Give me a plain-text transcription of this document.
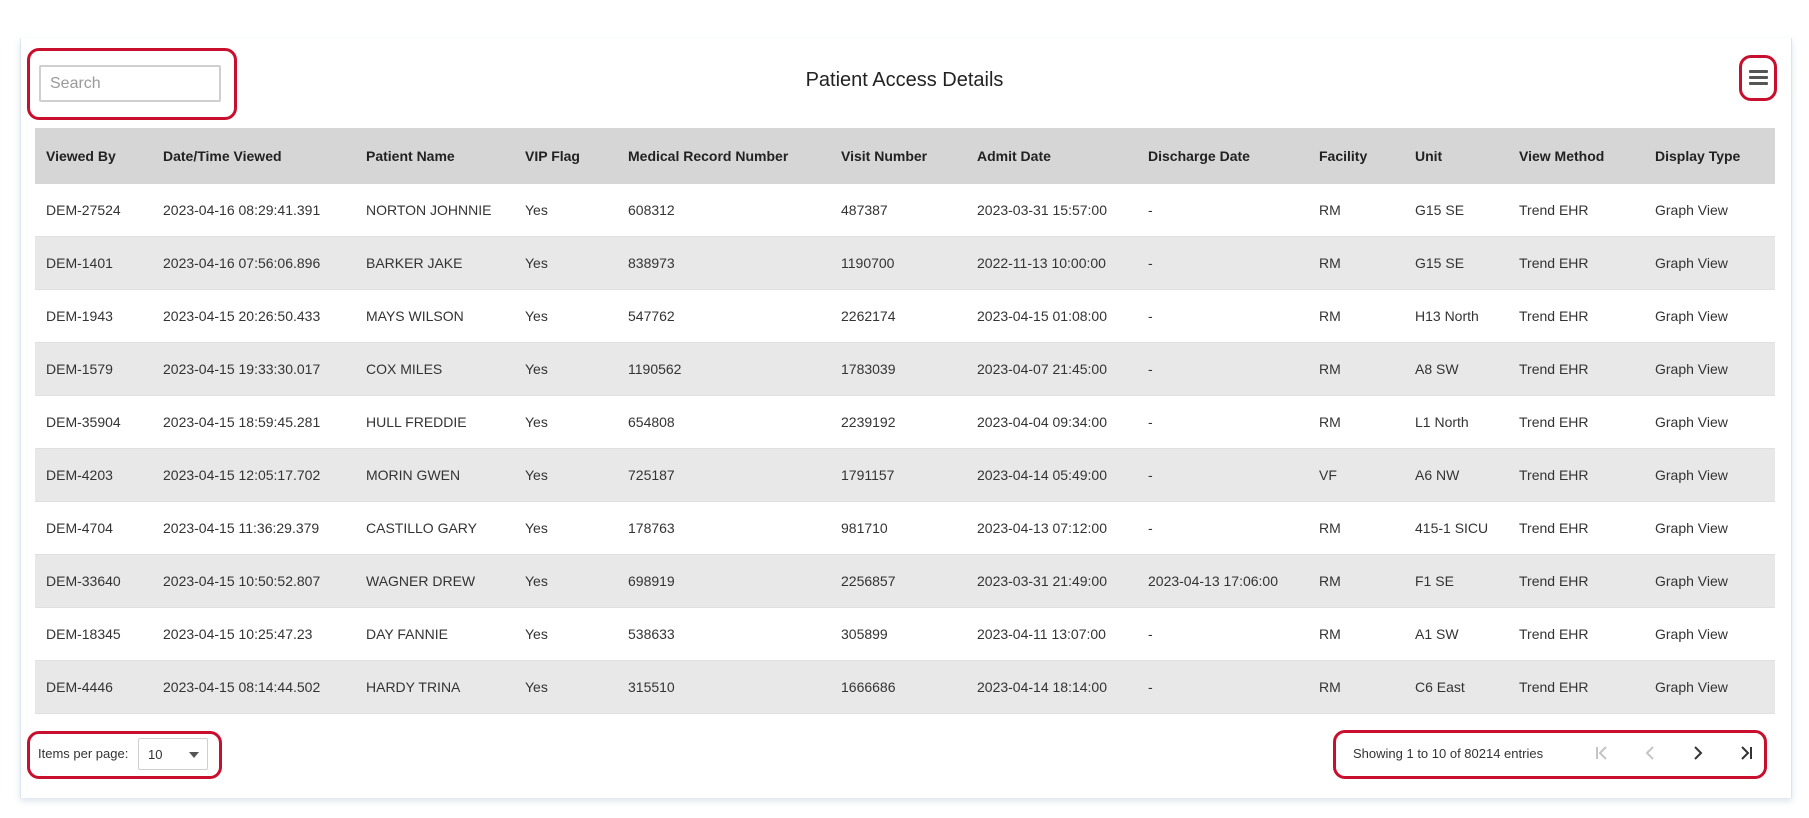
Search
Patient Access Details
Viewed By	Date/Time Viewed	Patient Name	VIP Flag	Medical Record Number	Visit Number	Admit Date	Discharge Date	Facility	Unit	View Method	Display Type
DEM-27524	2023-04-16 08:29:41.391	NORTON JOHNNIE	Yes	608312	487387	2023-03-31 15:57:00	-	RM	G15 SE	Trend EHR	Graph View
DEM-1401	2023-04-16 07:56:06.896	BARKER JAKE	Yes	838973	1190700	2022-11-13 10:00:00	-	RM	G15 SE	Trend EHR	Graph View
DEM-1943	2023-04-15 20:26:50.433	MAYS WILSON	Yes	547762	2262174	2023-04-15 01:08:00	-	RM	H13 North	Trend EHR	Graph View
DEM-1579	2023-04-15 19:33:30.017	COX MILES	Yes	1190562	1783039	2023-04-07 21:45:00	-	RM	A8 SW	Trend EHR	Graph View
DEM-35904	2023-04-15 18:59:45.281	HULL FREDDIE	Yes	654808	2239192	2023-04-04 09:34:00	-	RM	L1 North	Trend EHR	Graph View
DEM-4203	2023-04-15 12:05:17.702	MORIN GWEN	Yes	725187	1791157	2023-04-14 05:49:00	-	VF	A6 NW	Trend EHR	Graph View
DEM-4704	2023-04-15 11:36:29.379	CASTILLO GARY	Yes	178763	981710	2023-04-13 07:12:00	-	RM	415-1 SICU	Trend EHR	Graph View
DEM-33640	2023-04-15 10:50:52.807	WAGNER DREW	Yes	698919	2256857	2023-03-31 21:49:00	2023-04-13 17:06:00	RM	F1 SE	Trend EHR	Graph View
DEM-18345	2023-04-15 10:25:47.23	DAY FANNIE	Yes	538633	305899	2023-04-11 13:07:00	-	RM	A1 SW	Trend EHR	Graph View
DEM-4446	2023-04-15 08:14:44.502	HARDY TRINA	Yes	315510	1666686	2023-04-14 18:14:00	-	RM	C6 East	Trend EHR	Graph View
Items per page: 10	Showing 1 to 10 of 80214 entries
